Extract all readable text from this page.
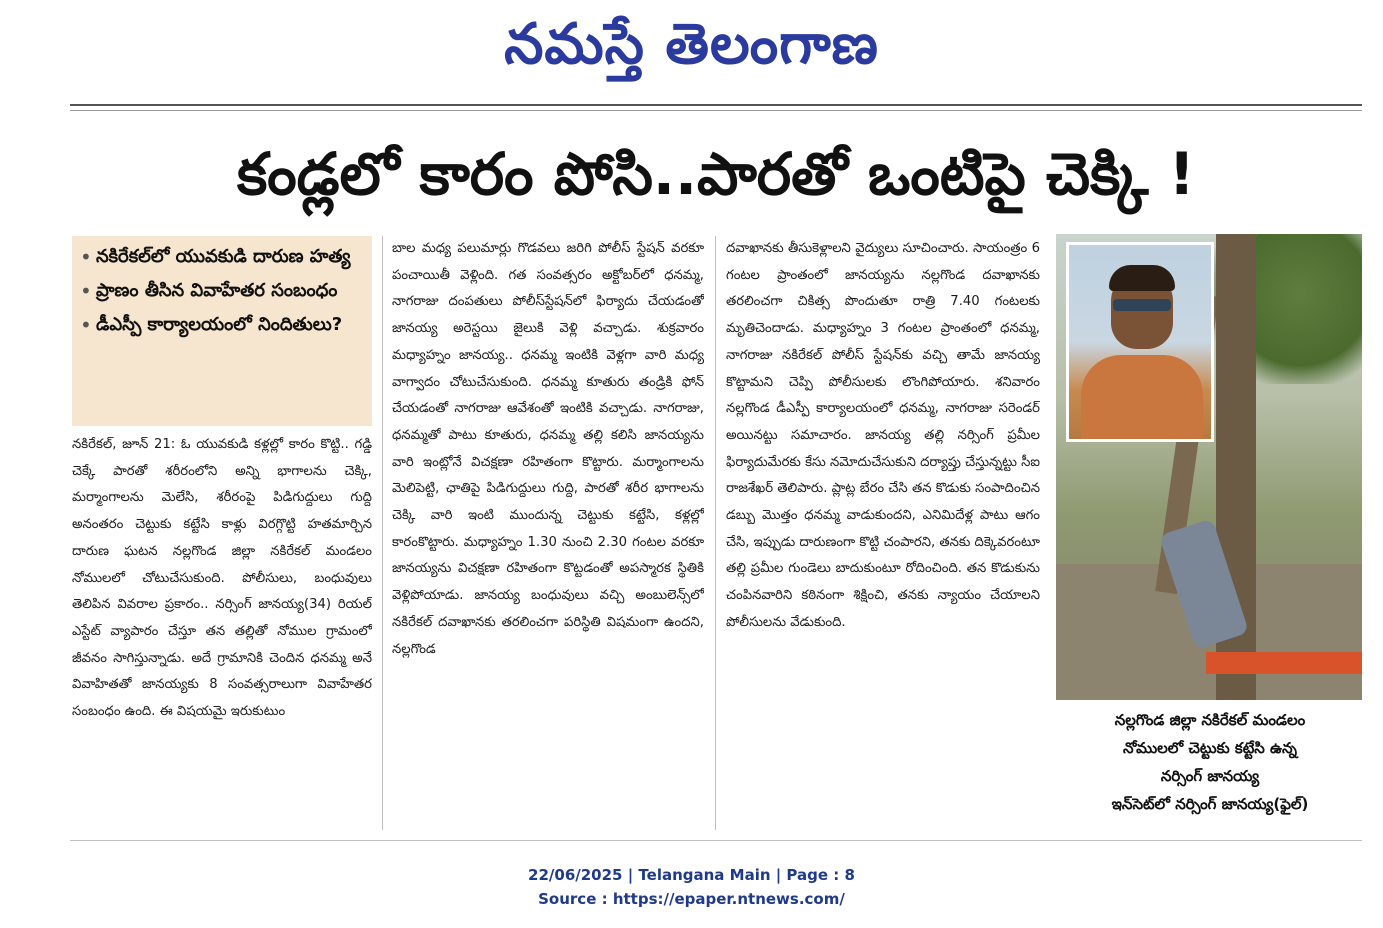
నమస్తే తెలంగాణ
కండ్లలో కారం పోసి..పారతో ఒంటిపై చెక్కి !
• నకిరేకల్‌లో యువకుడి దారుణ హత్య
• ప్రాణం తీసిన వివాహేతర సంబంధం
• డీఎస్పీ కార్యాలయంలో నిందితులు?
నకిరేకల్, జూన్ 21: ఓ యువకుడి కళ్లల్లో కారం కొట్టి.. గడ్డి చెక్కే పారతో శరీరంలోని అన్ని భాగాలను చెక్కి, మర్మాంగాలను మెలేసి, శరీరంపై పిడిగుద్దులు గుద్ది అనంతరం చెట్టుకు కట్టేసి కాళ్లు విరగ్గొట్టి హతమార్చిన దారుణ ఘటన నల్లగొండ జిల్లా నకిరేకల్ మండలం నోములలో చోటుచేసుకుంది. పోలీసులు, బంధువులు తెలిపిన వివరాల ప్రకారం.. నర్సింగ్ జానయ్య(34) రియల్ ఎస్టేట్ వ్యాపారం చేస్తూ తన తల్లితో నోముల గ్రామంలో జీవనం సాగిస్తున్నాడు. అదే గ్రామానికి చెందిన ధనమ్మ అనే వివాహితతో జానయ్యకు 8 సంవత్సరాలుగా వివాహేతర సంబంధం ఉంది. ఈ విషయమై ఇరుకుటుం
బాల మధ్య పలుమార్లు గొడవలు జరిగి పోలీస్ స్టేషన్ వరకూ పంచాయితీ వెళ్లింది. గత సంవత్సరం అక్టోబర్‌లో ధనమ్మ, నాగరాజు దంపతులు పోలీస్‌స్టేషన్‌లో ఫిర్యాదు చేయడంతో జానయ్య అరెస్టయి జైలుకి వెళ్లి వచ్చాడు. శుక్రవారం మధ్యాహ్నం జానయ్య.. ధనమ్మ ఇంటికి వెళ్లగా వారి మధ్య వాగ్వాదం చోటుచేసుకుంది. ధనమ్మ కూతురు తండ్రికి ఫోన్ చేయడంతో నాగరాజు ఆవేశంతో ఇంటికి వచ్చాడు. నాగరాజు, ధనమ్మతో పాటు కూతురు, ధనమ్మ తల్లి కలిసి జానయ్యను వారి ఇంట్లోనే విచక్షణా రహితంగా కొట్టారు. మర్మాంగాలను మెలిపెట్టి, ఛాతిపై పిడిగుద్దులు గుద్ది, పారతో శరీర భాగాలను చెక్కి వారి ఇంటి ముందున్న చెట్టుకు కట్టేసి, కళ్లల్లో కారంకొట్టారు. మధ్యాహ్నం 1.30 నుంచి 2.30 గంటల వరకూ జానయ్యను విచక్షణా రహితంగా కొట్టడంతో అపస్మారక స్థితికి వెళ్లిపోయాడు. జానయ్య బంధువులు వచ్చి అంబులెన్స్‌లో నకిరేకల్ దవాఖానకు తరలించగా పరిస్థితి విషమంగా ఉందని, నల్లగొండ
దవాఖానకు తీసుకెళ్లాలని వైద్యులు సూచించారు. సాయంత్రం 6 గంటల ప్రాంతంలో జానయ్యను నల్లగొండ దవాఖానకు తరలించగా చికిత్స పొందుతూ రాత్రి 7.40 గంటలకు మృతిచెందాడు. మధ్యాహ్నం 3 గంటల ప్రాంతంలో ధనమ్మ, నాగరాజు నకిరేకల్ పోలీస్ స్టేషన్‌కు వచ్చి తామే జానయ్య కొట్టామని చెప్పి పోలీసులకు లొంగిపోయారు. శనివారం నల్లగొండ డీఎస్పీ కార్యాలయంలో ధనమ్మ, నాగరాజు సరెండర్ అయినట్టు సమాచారం. జానయ్య తల్లి నర్సింగ్ ప్రమీల ఫిర్యాదుమేరకు కేసు నమోదుచేసుకుని దర్యాప్తు చేస్తున్నట్టు సీఐ రాజశేఖర్ తెలిపారు. ప్లాట్ల బేరం చేసి తన కొడుకు సంపాదించిన డబ్బు మొత్తం ధనమ్మ వాడుకుందని, ఎనిమిదేళ్ల పాటు ఆగం చేసి, ఇప్పుడు దారుణంగా కొట్టి చంపారని, తనకు దిక్కెవరంటూ తల్లి ప్రమీల గుండెలు బాదుకుంటూ రోదించింది. తన కొడుకును చంపినవారిని కఠినంగా శిక్షించి, తనకు న్యాయం చేయాలని పోలీసులను వేడుకుంది.
నల్లగొండ జిల్లా నకిరేకల్ మండలం
నోములలో చెట్టుకు కట్టేసి ఉన్న
నర్సింగ్ జానయ్య
ఇన్‌సెట్‌లో నర్సింగ్ జానయ్య(ఫైల్)
22/06/2025 | Telangana Main | Page : 8
Source : https://epaper.ntnews.com/
